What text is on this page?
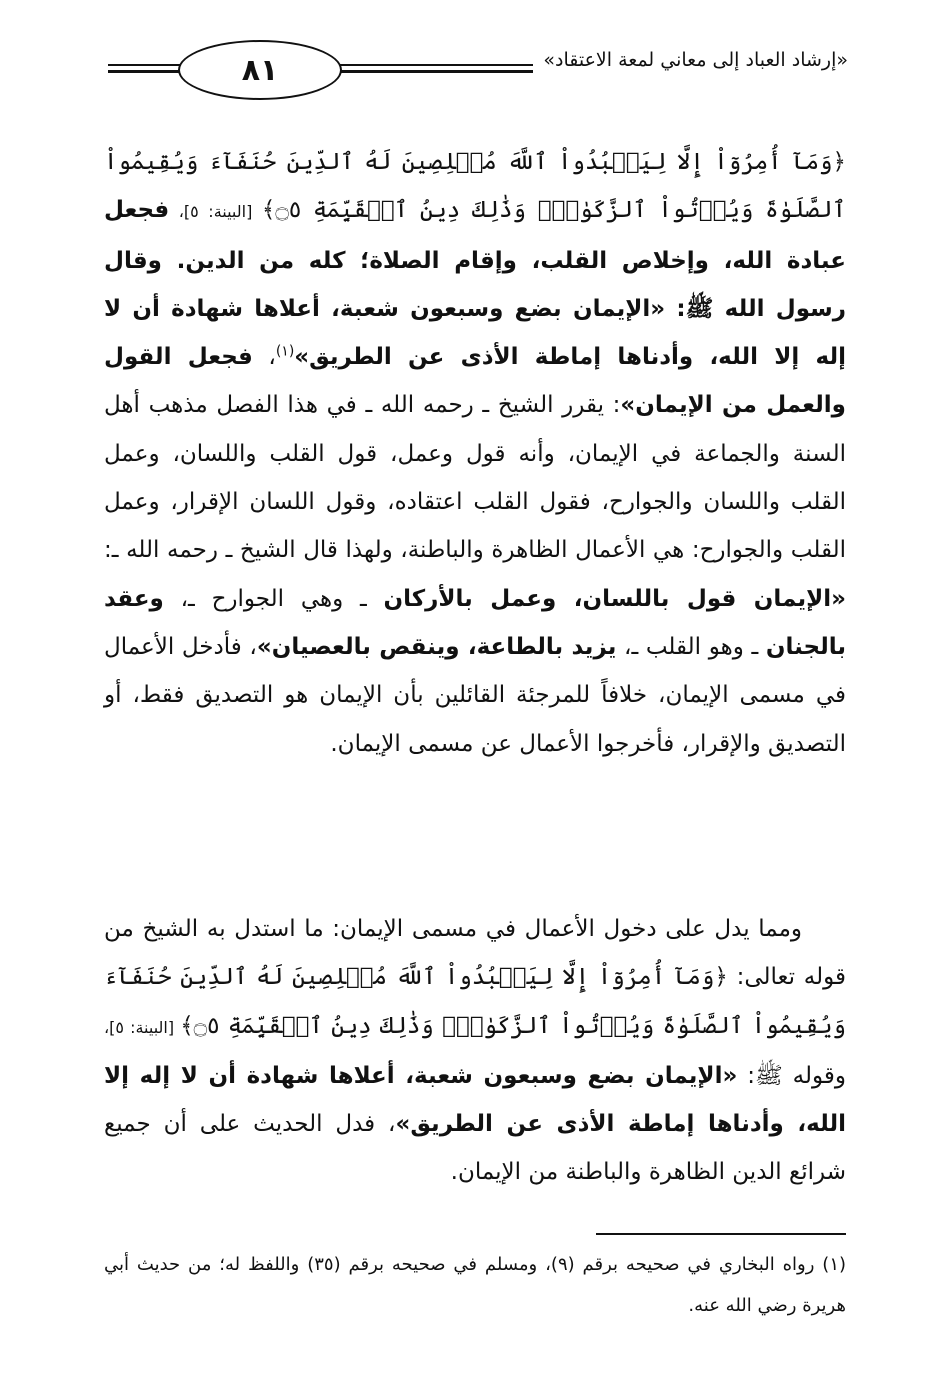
٨١	«إرشاد العباد إلى معاني لمعة الاعتقاد»
﴿وَمَآ أُمِرُوٓاْ إِلَّا لِيَعۡبُدُواْ ٱللَّهَ مُخۡلِصِينَ لَهُ ٱلدِّينَ حُنَفَآءَ وَيُقِيمُواْ ٱلصَّلَوٰةَ وَيُؤۡتُواْ ٱلزَّكَوٰةَۚ وَذَٰلِكَ دِينُ ٱلۡقَيِّمَةِ ۝٥﴾ [البينة: ٥]، فجعل عبادة الله، وإخلاص القلب، وإقام الصلاة؛ كله من الدين. وقال رسول الله ﷺ: «الإيمان بضع وسبعون شعبة، أعلاها شهادة أن لا إله إلا الله، وأدناها إماطة الأذى عن الطريق»$^{(١)}$، فجعل القول والعمل من الإيمان»: يقرر الشيخ ـ رحمه الله ـ في هذا الفصل مذهب أهل السنة والجماعة في الإيمان، وأنه قول وعمل، قول القلب واللسان، وعمل القلب واللسان والجوارح، فقول القلب اعتقاده، وقول اللسان الإقرار، وعمل القلب والجوارح: هي الأعمال الظاهرة والباطنة، ولهذا قال الشيخ ـ رحمه الله ـ: «الإيمان قول باللسان، وعمل بالأركان ـ وهي الجوارح ـ، وعقد بالجنان ـ وهو القلب ـ، يزيد بالطاعة، وينقص بالعصيان»، فأدخل الأعمال في مسمى الإيمان، خلافاً للمرجئة القائلين بأن الإيمان هو التصديق فقط، أو التصديق والإقرار، فأخرجوا الأعمال عن مسمى الإيمان.
ومما يدل على دخول الأعمال في مسمى الإيمان: ما استدل به الشيخ من قوله تعالى: ﴿وَمَآ أُمِرُوٓاْ إِلَّا لِيَعۡبُدُواْ ٱللَّهَ مُخۡلِصِينَ لَهُ ٱلدِّينَ حُنَفَآءَ وَيُقِيمُواْ ٱلصَّلَوٰةَ وَيُؤۡتُواْ ٱلزَّكَوٰةَۚ وَذَٰلِكَ دِينُ ٱلۡقَيِّمَةِ ۝٥﴾ [البينة: ٥]، وقوله ﷺ: «الإيمان بضع وسبعون شعبة، أعلاها شهادة أن لا إله إلا الله، وأدناها إماطة الأذى عن الطريق»، فدل الحديث على أن جميع شرائع الدين الظاهرة والباطنة من الإيمان.
(١) رواه البخاري في صحيحه برقم (٩)، ومسلم في صحيحه برقم (٣٥) واللفظ له؛ من حديث أبي هريرة رضي الله عنه.
